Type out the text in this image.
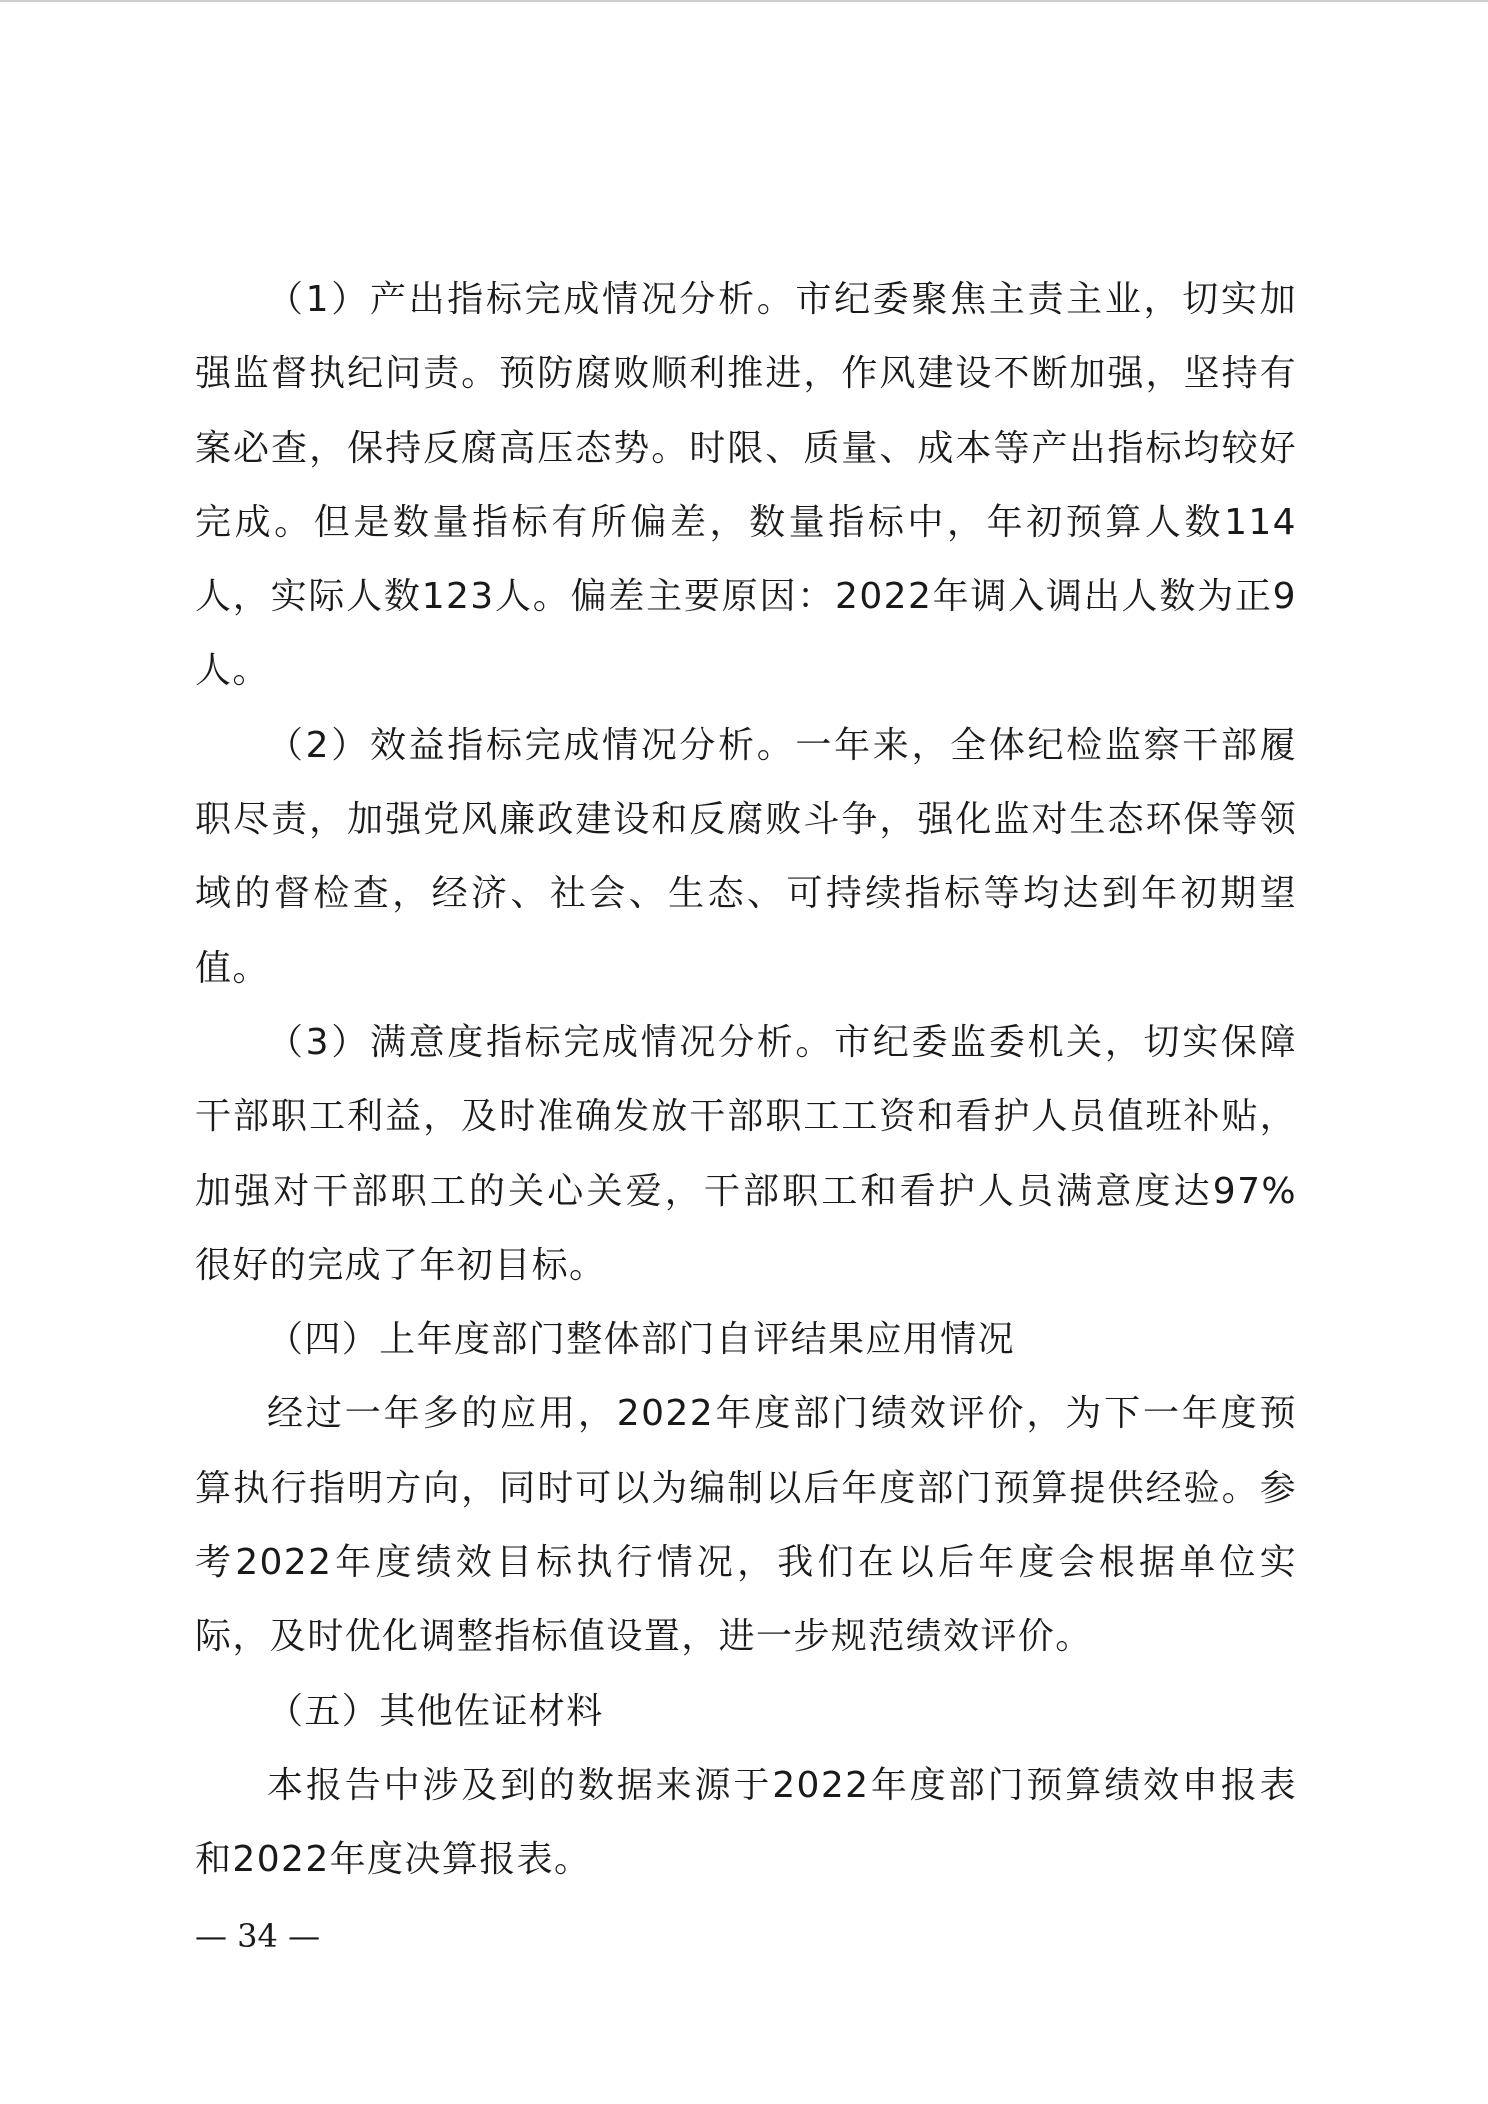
（1）产出指标完成情况分析。市纪委聚焦主责主业，切实加强监督执纪问责。预防腐败顺利推进，作风建设不断加强，坚持有案必查，保持反腐高压态势。时限、质量、成本等产出指标均较好完成。但是数量指标有所偏差，数量指标中，年初预算人数114人，实际人数123人。偏差主要原因：2022年调入调出人数为正9人。

（2）效益指标完成情况分析。一年来，全体纪检监察干部履职尽责，加强党风廉政建设和反腐败斗争，强化监对生态环保等领域的督检查，经济、社会、生态、可持续指标等均达到年初期望值。

（3）满意度指标完成情况分析。市纪委监委机关，切实保障干部职工利益，及时准确发放干部职工工资和看护人员值班补贴，加强对干部职工的关心关爱，干部职工和看护人员满意度达97% 很好的完成了年初目标。

（四）上年度部门整体部门自评结果应用情况

经过一年多的应用，2022年度部门绩效评价，为下一年度预算执行指明方向，同时可以为编制以后年度部门预算提供经验。参考2022年度绩效目标执行情况，我们在以后年度会根据单位实际，及时优化调整指标值设置，进一步规范绩效评价。

（五）其他佐证材料

本报告中涉及到的数据来源于2022年度部门预算绩效申报表和2022年度决算报表。

— 34 —
